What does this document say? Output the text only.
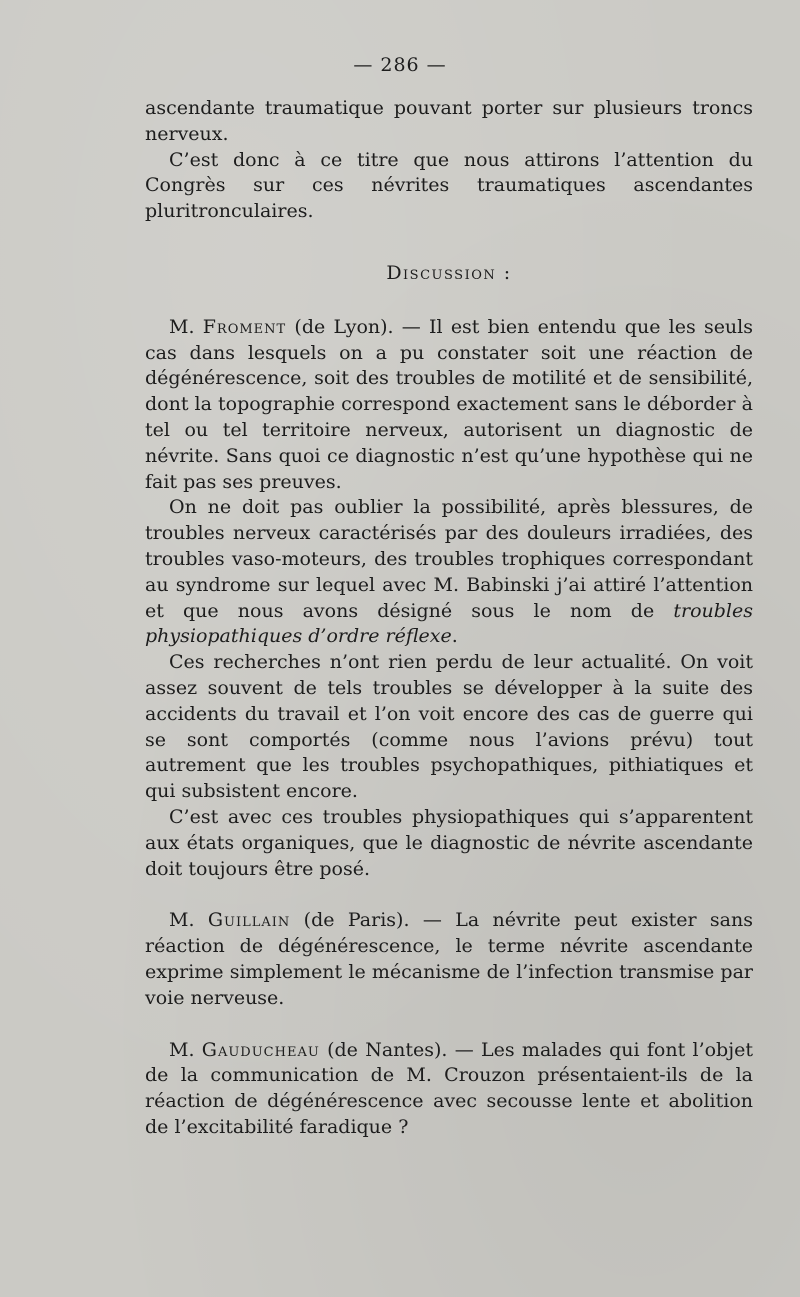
— 286 —

ascendante traumatique pouvant porter sur plusieurs troncs nerveux.

C’est donc à ce titre que nous attirons l’attention du Congrès sur ces névrites traumatiques ascendantes pluritronculaires.

Discussion :

M. Froment (de Lyon). — Il est bien entendu que les seuls cas dans lesquels on a pu constater soit une réaction de dégénérescence, soit des troubles de motilité et de sensibilité, dont la topographie correspond exactement sans le déborder à tel ou tel territoire nerveux, autorisent un diagnostic de névrite. Sans quoi ce diagnostic n’est qu’une hypothèse qui ne fait pas ses preuves.

On ne doit pas oublier la possibilité, après blessures, de troubles nerveux caractérisés par des douleurs irradiées, des troubles vaso-moteurs, des troubles trophiques correspondant au syndrome sur lequel avec M. Babinski j’ai attiré l’attention et que nous avons désigné sous le nom de troubles physiopathiques d’ordre réflexe.

Ces recherches n’ont rien perdu de leur actualité. On voit assez souvent de tels troubles se développer à la suite des accidents du travail et l’on voit encore des cas de guerre qui se sont comportés (comme nous l’avions prévu) tout autrement que les troubles psychopathiques, pithiatiques et qui subsistent encore.

C’est avec ces troubles physiopathiques qui s’apparentent aux états organiques, que le diagnostic de névrite ascendante doit toujours être posé.

M. Guillain (de Paris). — La névrite peut exister sans réaction de dégénérescence, le terme névrite ascendante exprime simplement le mécanisme de l’infection transmise par voie nerveuse.

M. Gauducheau (de Nantes). — Les malades qui font l’objet de la communication de M. Crouzon présentaient-ils de la réaction de dégénérescence avec secousse lente et abolition de l’excitabilité faradique ?
